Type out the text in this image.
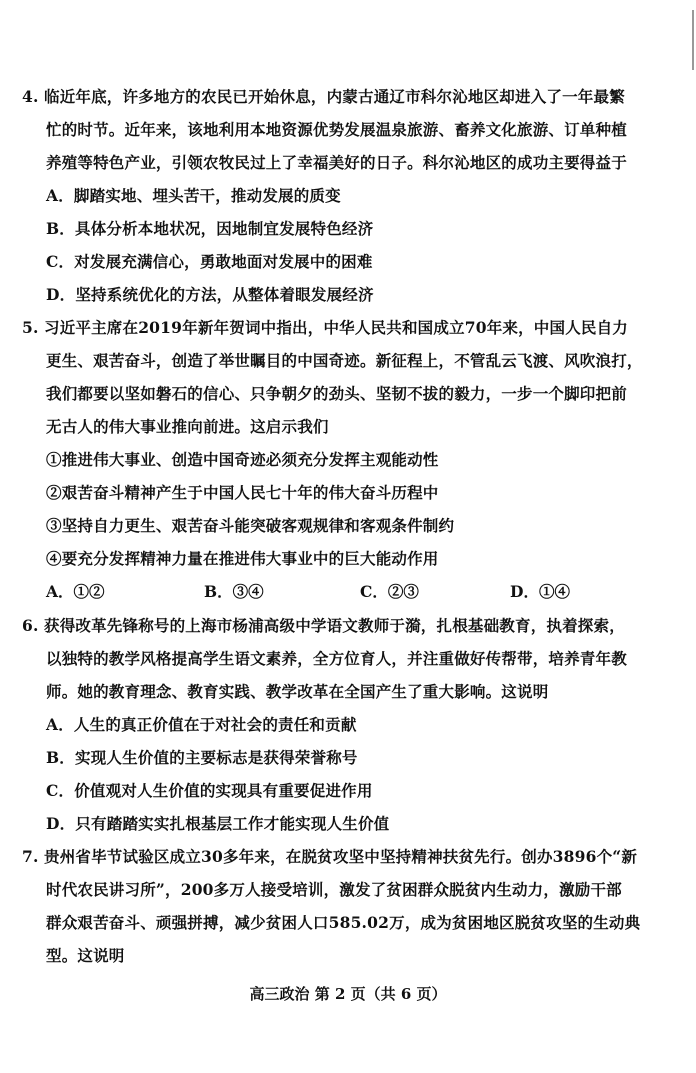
4. 临近年底，许多地方的农民已开始休息，内蒙古通辽市科尔沁地区却进入了一年最繁
忙的时节。近年来，该地利用本地资源优势发展温泉旅游、畜养文化旅游、订单种植
养殖等特色产业，引领农牧民过上了幸福美好的日子。科尔沁地区的成功主要得益于
A．脚踏实地、埋头苦干，推动发展的质变
B．具体分析本地状况，因地制宜发展特色经济
C．对发展充满信心，勇敢地面对发展中的困难
D．坚持系统优化的方法，从整体着眼发展经济
5. 习近平主席在2019年新年贺词中指出，中华人民共和国成立70年来，中国人民自力
更生、艰苦奋斗，创造了举世瞩目的中国奇迹。新征程上，不管乱云飞渡、风吹浪打，
我们都要以坚如磐石的信心、只争朝夕的劲头、坚韧不拔的毅力，一步一个脚印把前
无古人的伟大事业推向前进。这启示我们
①推进伟大事业、创造中国奇迹必须充分发挥主观能动性
②艰苦奋斗精神产生于中国人民七十年的伟大奋斗历程中
③坚持自力更生、艰苦奋斗能突破客观规律和客观条件制约
④要充分发挥精神力量在推进伟大事业中的巨大能动作用
A．①②	B．③④	C．②③	D．①④
6. 获得改革先锋称号的上海市杨浦高级中学语文教师于漪，扎根基础教育，执着探索，
以独特的教学风格提高学生语文素养，全方位育人，并注重做好传帮带，培养青年教
师。她的教育理念、教育实践、教学改革在全国产生了重大影响。这说明
A．人生的真正价值在于对社会的责任和贡献
B．实现人生价值的主要标志是获得荣誉称号
C．价值观对人生价值的实现具有重要促进作用
D．只有踏踏实实扎根基层工作才能实现人生价值
7. 贵州省毕节试验区成立30多年来，在脱贫攻坚中坚持精神扶贫先行。创办3896个“新
时代农民讲习所”，200多万人接受培训，激发了贫困群众脱贫内生动力，激励干部
群众艰苦奋斗、顽强拼搏，减少贫困人口585.02万，成为贫困地区脱贫攻坚的生动典
型。这说明
高三政治 第 2 页（共 6 页）
